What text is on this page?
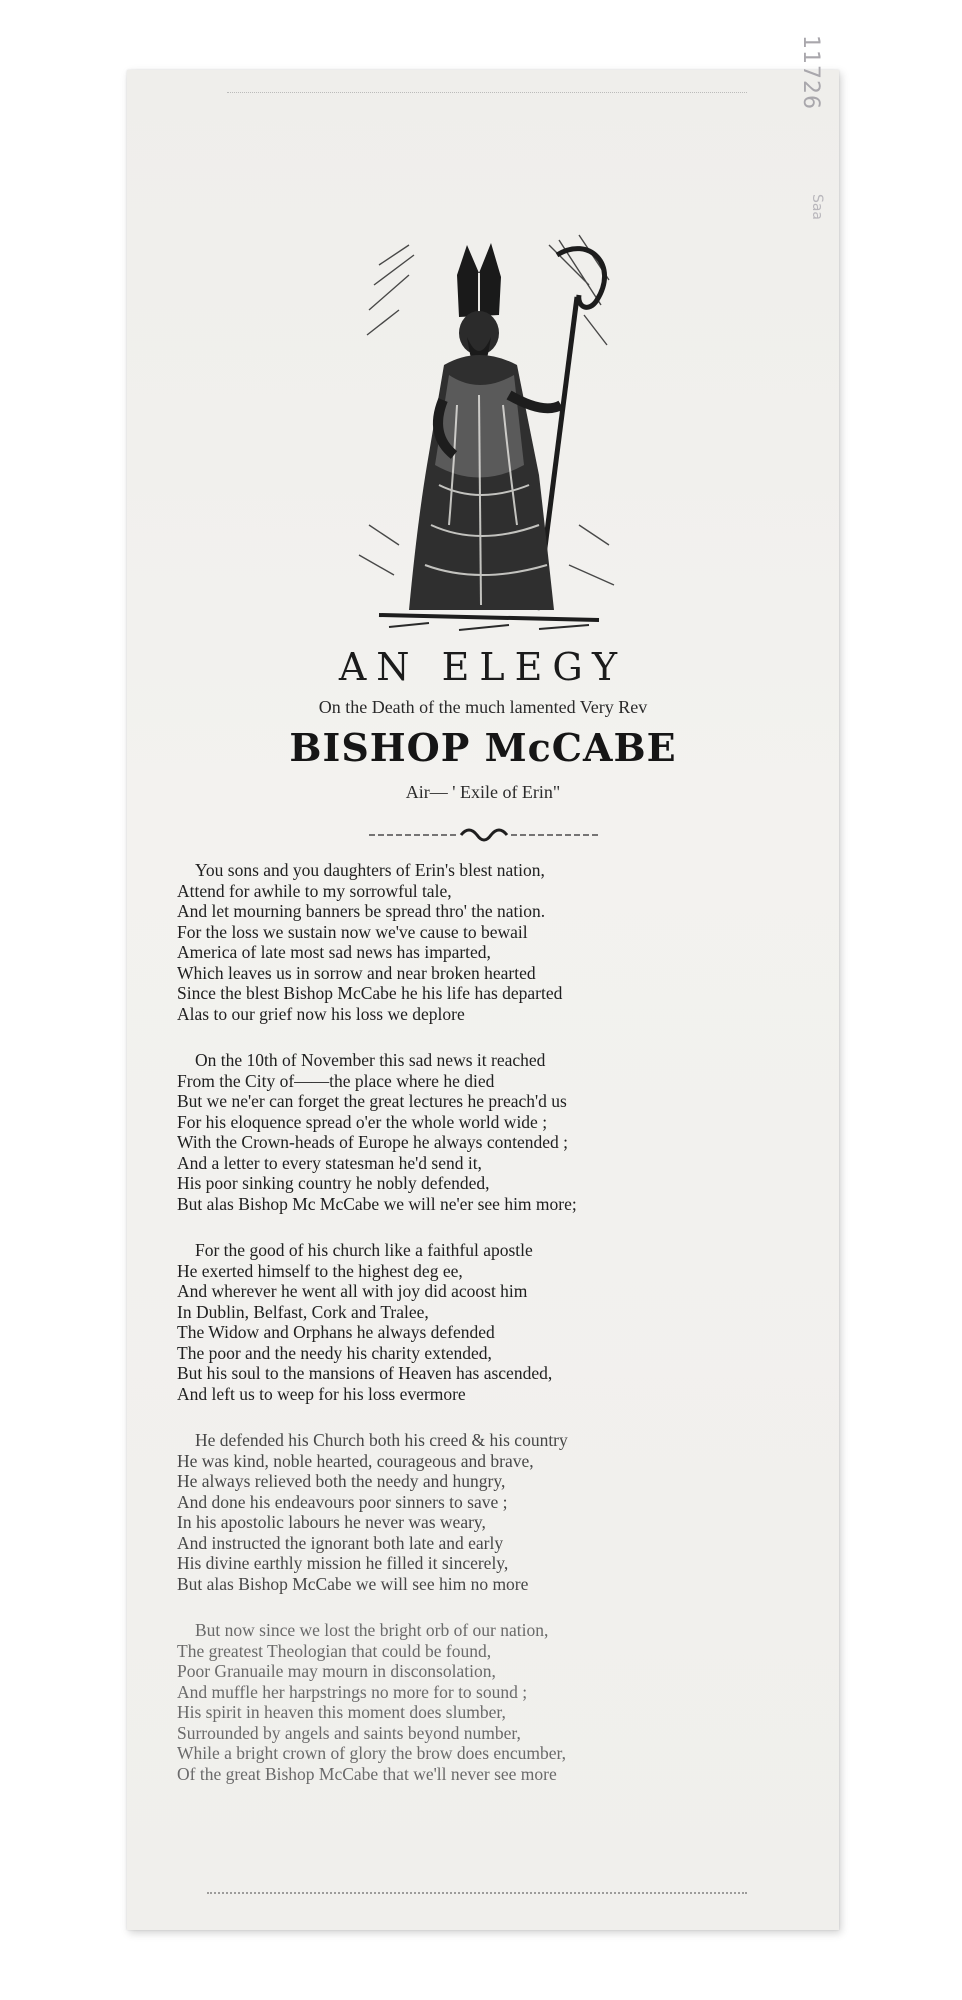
11726
Saa
AN ELEGY
On the Death of the much lamented Very Rev
BISHOP McCABE
Air— ' Exile of Erin"
You sons and you daughters of Erin's blest nation,
Attend for awhile to my sorrowful tale,
And let mourning banners be spread thro' the nation.
For the loss we sustain now we've cause to bewail
America of late most sad news has imparted,
Which leaves us in sorrow and near broken hearted
Since the blest Bishop McCabe he his life has departed
Alas to our grief now his loss we deplore
On the 10th of November this sad news it reached
From the City of——the place where he died
But we ne'er can forget the great lectures he preach'd us
For his eloquence spread o'er the whole world wide ;
With the Crown-heads of Europe he always contended ;
And a letter to every statesman he'd send it,
His poor sinking country he nobly defended,
But alas Bishop Mc McCabe we will ne'er see him more;
For the good of his church like a faithful apostle
He exerted himself to the highest deg ee,
And wherever he went all with joy did acoost him
In Dublin, Belfast, Cork and Tralee,
The Widow and Orphans he always defended
The poor and the needy his charity extended,
But his soul to the mansions of Heaven has ascended,
And left us to weep for his loss evermore
He defended his Church both his creed & his country
He was kind, noble hearted, courageous and brave,
He always relieved both the needy and hungry,
And done his endeavours poor sinners to save ;
In his apostolic labours he never was weary,
And instructed the ignorant both late and early
His divine earthly mission he filled it sincerely,
But alas Bishop McCabe we will see him no more
But now since we lost the bright orb of our nation,
The greatest Theologian that could be found,
Poor Granuaile may mourn in disconsolation,
And muffle her harpstrings no more for to sound ;
His spirit in heaven this moment does slumber,
Surrounded by angels and saints beyond number,
While a bright crown of glory the brow does encumber,
Of the great Bishop McCabe that we'll never see more
